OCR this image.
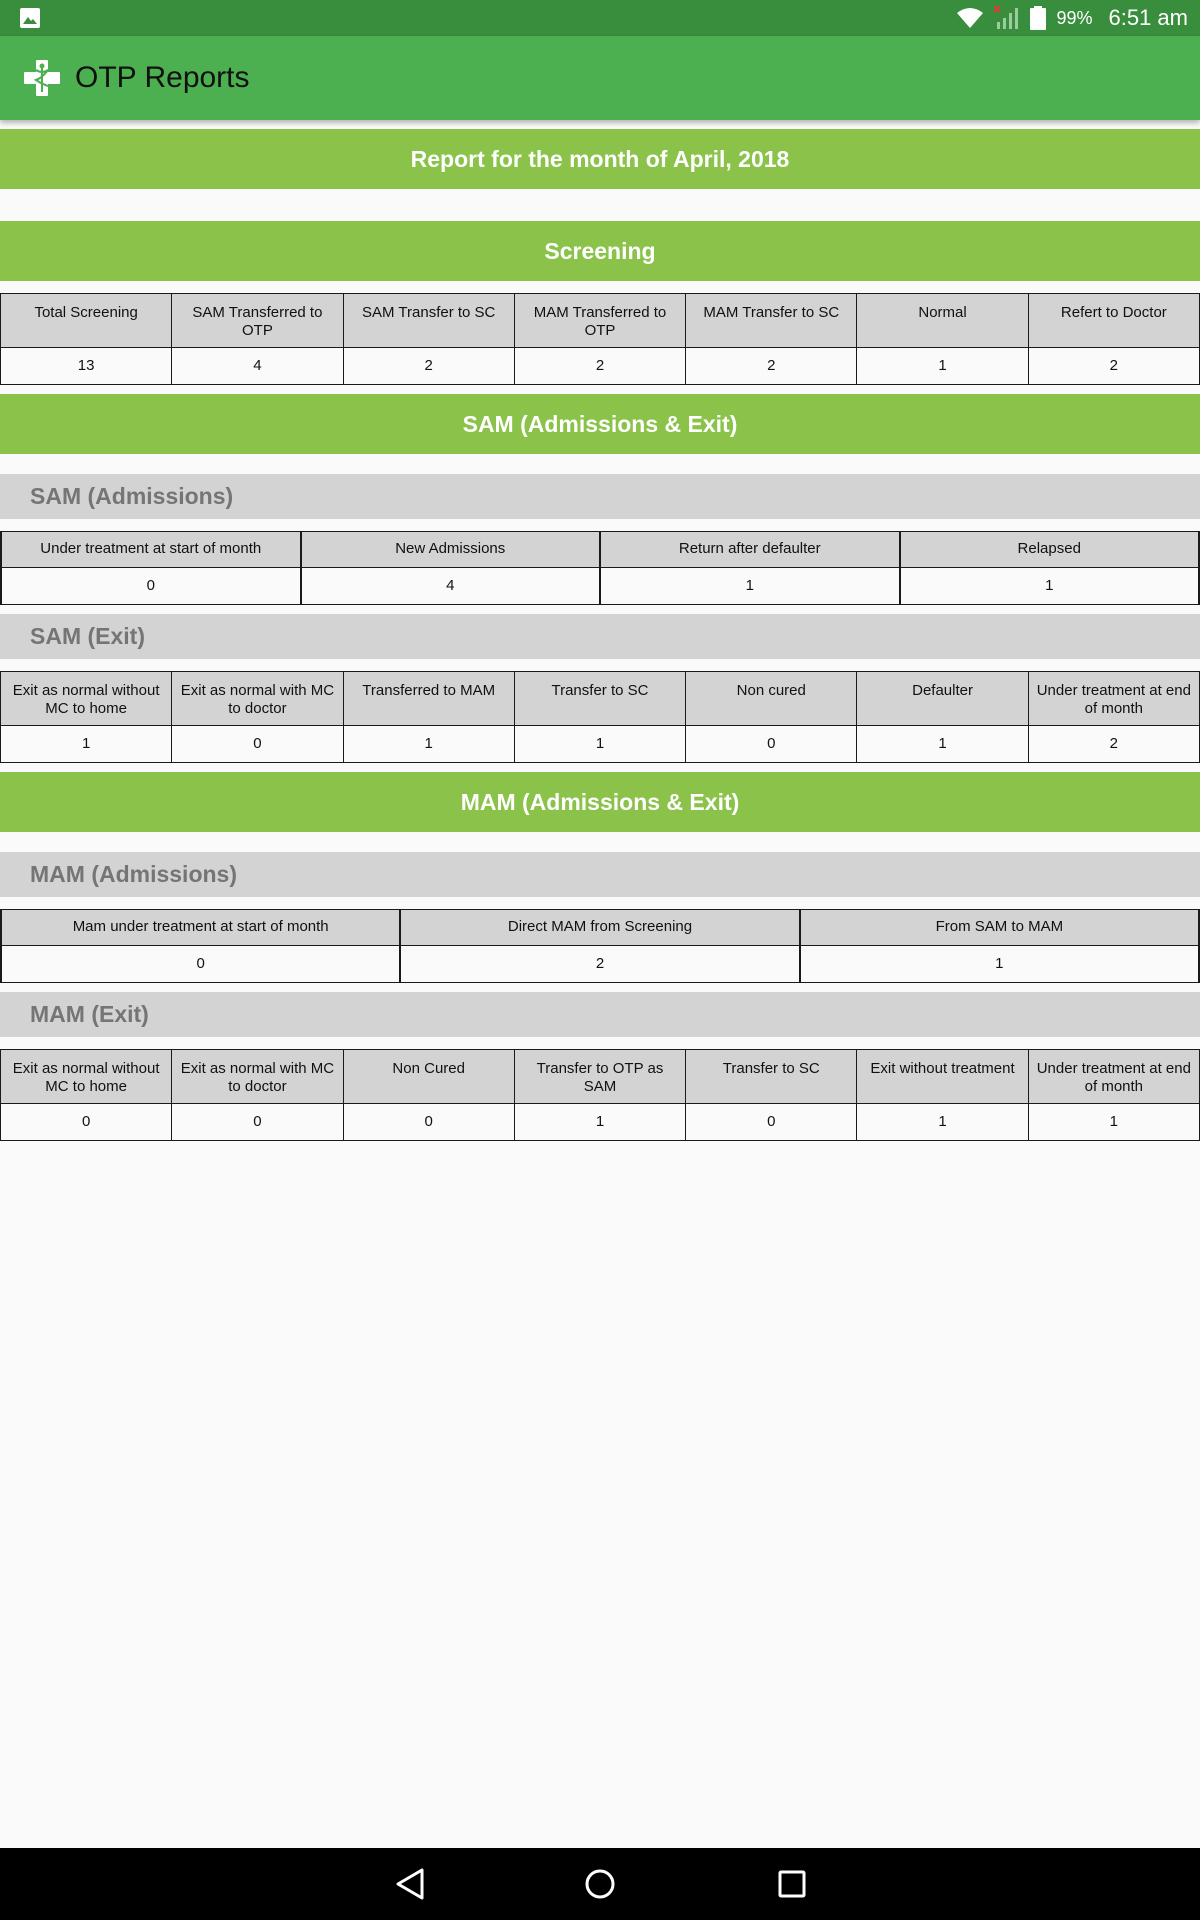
99% 6:51 am
OTP Reports
Report for the month of April, 2018
Screening
Total Screening	SAM Transferred to OTP	SAM Transfer to SC	MAM Transferred to OTP	MAM Transfer to SC	Normal	Refert to Doctor
13	4	2	2	2	1	2
SAM (Admissions & Exit)
SAM (Admissions)
Under treatment at start of month	New Admissions	Return after defaulter	Relapsed
0	4	1	1
SAM (Exit)
Exit as normal without MC to home	Exit as normal with MC to doctor	Transferred to MAM	Transfer to SC	Non cured	Defaulter	Under treatment at end of month
1	0	1	1	0	1	2
MAM (Admissions & Exit)
MAM (Admissions)
Mam under treatment at start of month	Direct MAM from Screening	From SAM to MAM
0	2	1
MAM (Exit)
Exit as normal without MC to home	Exit as normal with MC to doctor	Non Cured	Transfer to OTP as SAM	Transfer to SC	Exit without treatment	Under treatment at end of month
0	0	0	1	0	1	1
